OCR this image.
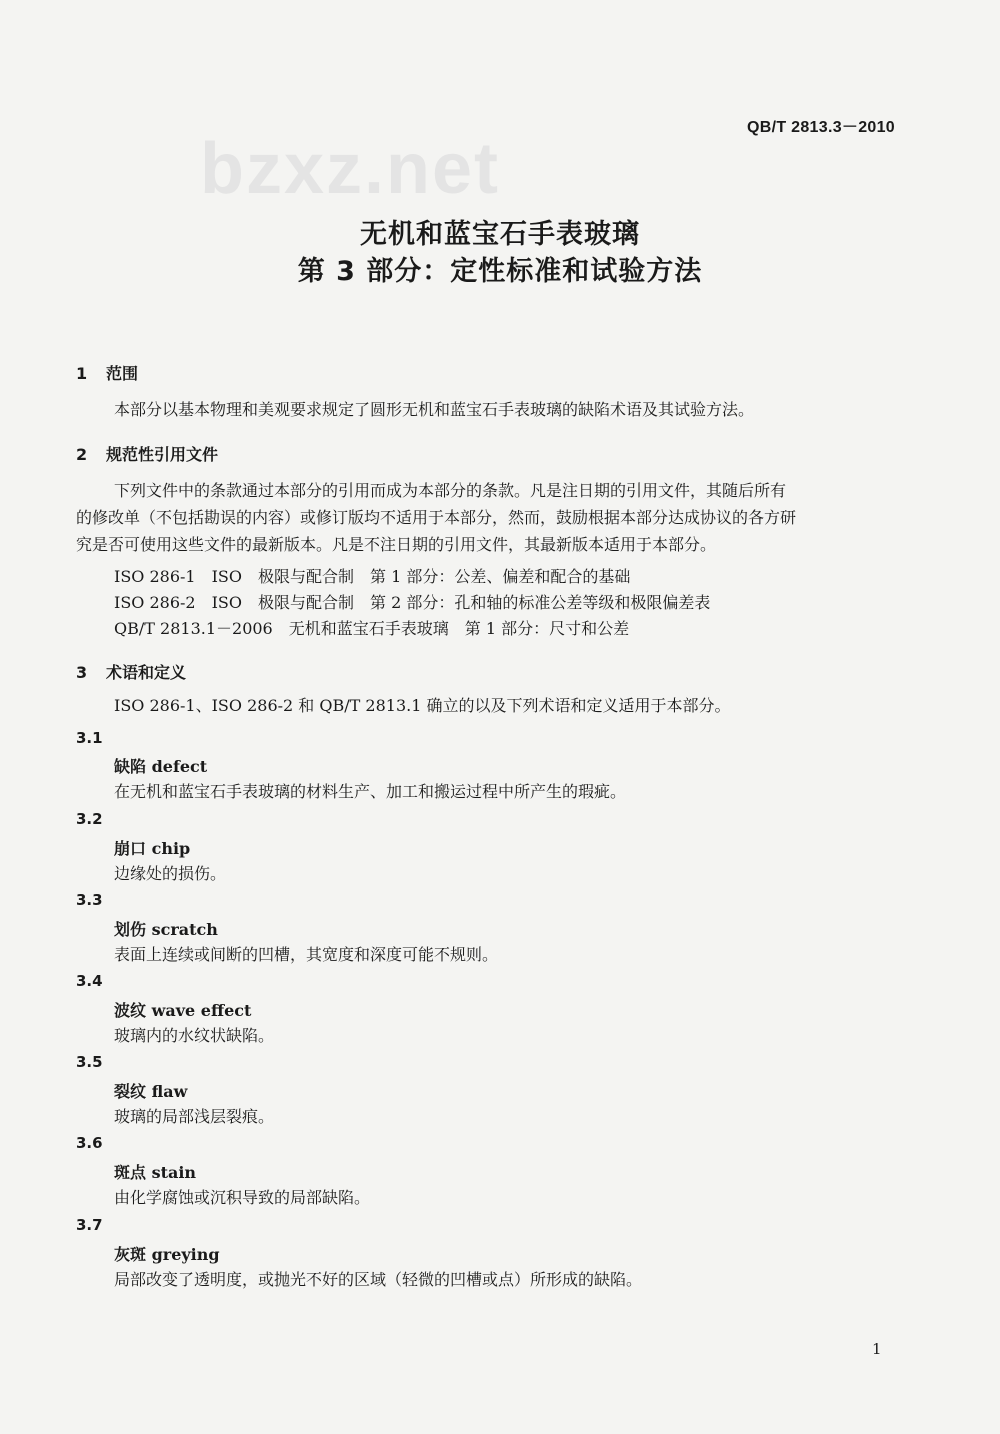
bzxz.net
QB/T 2813.3－2010
无机和蓝宝石手表玻璃
第 3 部分：定性标准和试验方法
1 范围
本部分以基本物理和美观要求规定了圆形无机和蓝宝石手表玻璃的缺陷术语及其试验方法。
2 规范性引用文件
下列文件中的条款通过本部分的引用而成为本部分的条款。凡是注日期的引用文件，其随后所有
的修改单（不包括勘误的内容）或修订版均不适用于本部分，然而，鼓励根据本部分达成协议的各方研
究是否可使用这些文件的最新版本。凡是不注日期的引用文件，其最新版本适用于本部分。
ISO 286-1　ISO　极限与配合制　第 1 部分：公差、偏差和配合的基础
ISO 286-2　ISO　极限与配合制　第 2 部分：孔和轴的标准公差等级和极限偏差表
QB/T 2813.1－2006　无机和蓝宝石手表玻璃　第 1 部分：尺寸和公差
3 术语和定义
ISO 286-1、ISO 286-2 和 QB/T 2813.1 确立的以及下列术语和定义适用于本部分。
3.1
缺陷 defect
在无机和蓝宝石手表玻璃的材料生产、加工和搬运过程中所产生的瑕疵。
3.2
崩口 chip
边缘处的损伤。
3.3
划伤 scratch
表面上连续或间断的凹槽，其宽度和深度可能不规则。
3.4
波纹 wave effect
玻璃内的水纹状缺陷。
3.5
裂纹 flaw
玻璃的局部浅层裂痕。
3.6
斑点 stain
由化学腐蚀或沉积导致的局部缺陷。
3.7
灰斑 greying
局部改变了透明度，或抛光不好的区域（轻微的凹槽或点）所形成的缺陷。
1
